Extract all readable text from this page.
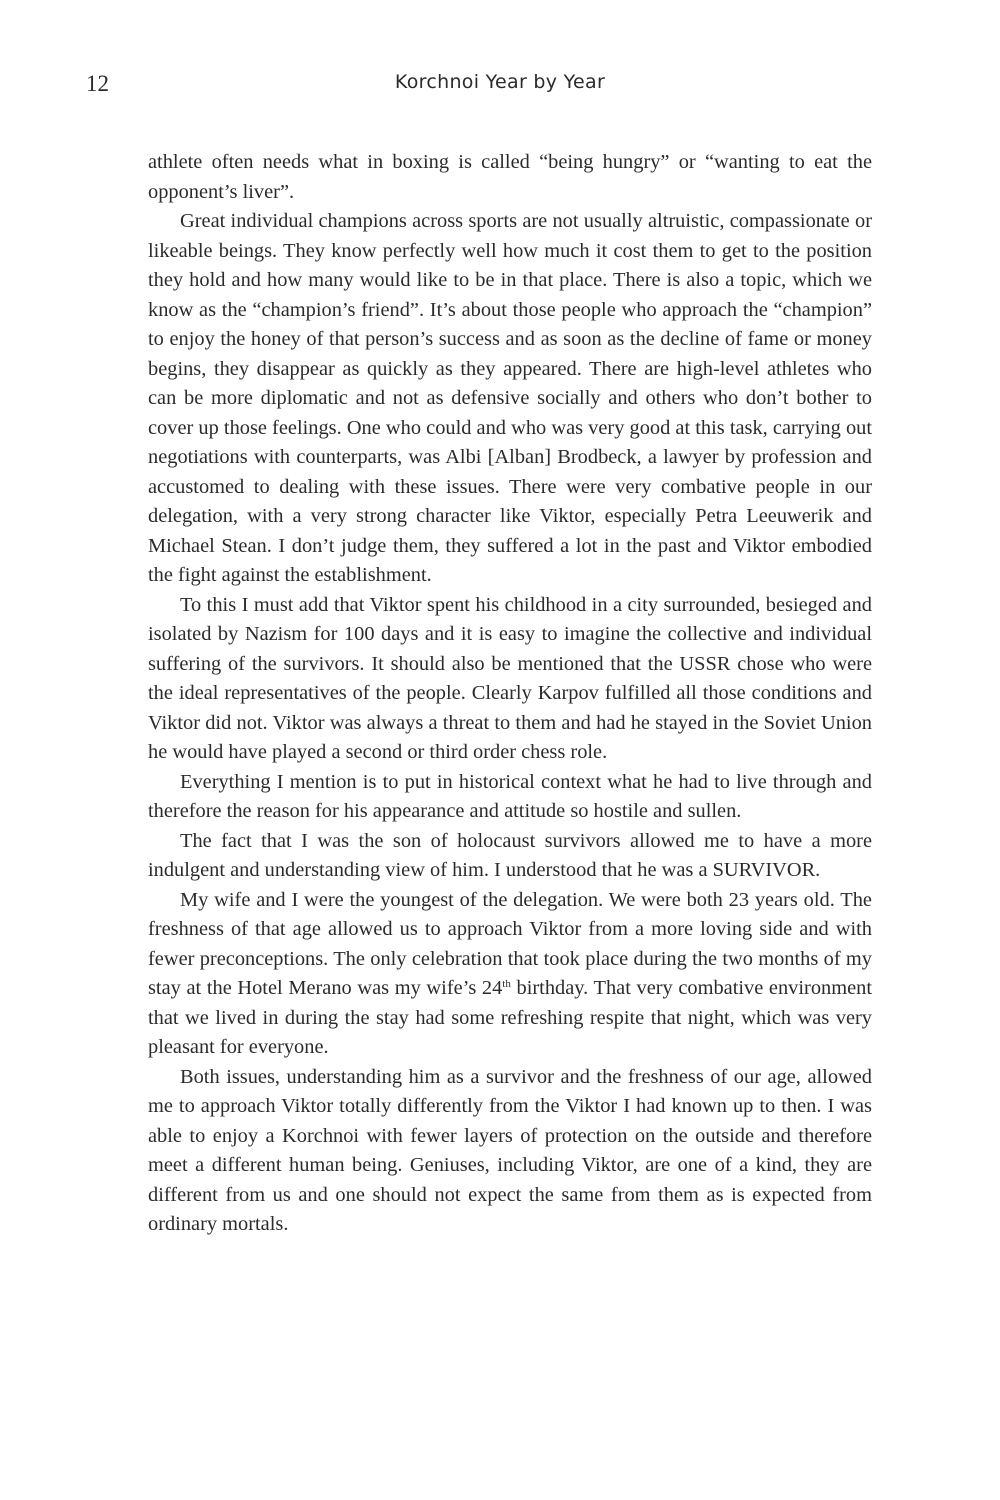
12	Korchnoi Year by Year

athlete often needs what in boxing is called “being hungry” or “wanting to eat the opponent’s liver”.

Great individual champions across sports are not usually altruistic, compassionate or likeable beings. They know perfectly well how much it cost them to get to the position they hold and how many would like to be in that place. There is also a topic, which we know as the “champion’s friend”. It’s about those people who approach the “champion” to enjoy the honey of that person’s success and as soon as the decline of fame or money begins, they disappear as quickly as they appeared. There are high-level athletes who can be more diplomatic and not as defensive socially and others who don’t bother to cover up those feelings. One who could and who was very good at this task, carrying out negotiations with counterparts, was Albi [Alban] Brodbeck, a lawyer by profession and accustomed to dealing with these issues. There were very combative people in our delegation, with a very strong character like Viktor, especially Petra Leeuwerik and Michael Stean. I don’t judge them, they suffered a lot in the past and Viktor embodied the fight against the establishment.

To this I must add that Viktor spent his childhood in a city surrounded, besieged and isolated by Nazism for 100 days and it is easy to imagine the collective and individual suffering of the survivors. It should also be mentioned that the USSR chose who were the ideal representatives of the people. Clearly Karpov fulfilled all those conditions and Viktor did not. Viktor was always a threat to them and had he stayed in the Soviet Union he would have played a second or third order chess role.

Everything I mention is to put in historical context what he had to live through and therefore the reason for his appearance and attitude so hostile and sullen.

The fact that I was the son of holocaust survivors allowed me to have a more indulgent and understanding view of him. I understood that he was a SURVIVOR.

My wife and I were the youngest of the delegation. We were both 23 years old. The freshness of that age allowed us to approach Viktor from a more loving side and with fewer preconceptions. The only celebration that took place during the two months of my stay at the Hotel Merano was my wife’s 24th birthday. That very combative environment that we lived in during the stay had some refreshing respite that night, which was very pleasant for everyone.

Both issues, understanding him as a survivor and the freshness of our age, allowed me to approach Viktor totally differently from the Viktor I had known up to then. I was able to enjoy a Korchnoi with fewer layers of protection on the outside and therefore meet a different human being. Geniuses, including Viktor, are one of a kind, they are different from us and one should not expect the same from them as is expected from ordinary mortals.
